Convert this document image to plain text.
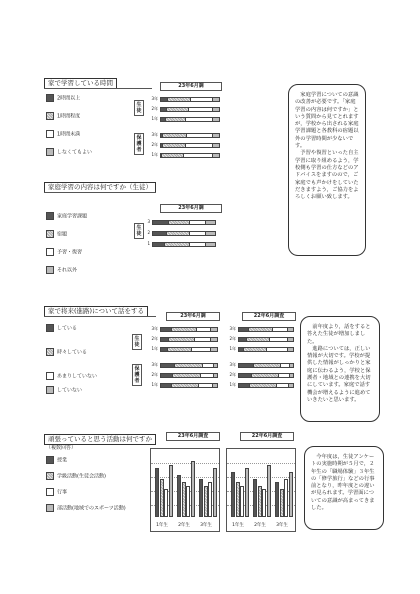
家で学習している時間
2時間以上
1時間程度
1時間未満
しなくてもよい
23年6月調
生徒
保護者
3年
2年
1年
3年
2年
1年
　家庭学習についての意識の改善が必要です。「家庭学習の内容は何ですか」という質問から見てとれますが，学校から出される家庭学習課題と各教科の宿題以外の学習時間が少ないです。
　予習や復習といった自主学習に取り組めるよう，学校側も学習の仕方などのアドバイスをますのので，ご家庭でも声かけをしていただきますよう，ご協力をよろしくお願い致します。
家庭学習の内容は何ですか（生徒）
家庭学習課題
宿題
予習・復習
それ以外
23年6月調
生徒
3
2
1
家で将来(進路)について話をする
している
時々している
あまりしていない
していない
23年6月調	22年6月調査
生徒
保護者
3年
2年
1年
3年
2年
1年
3年
2年
1年
3年
2年
1年
　前年度より，話をすると答えた生徒が増加しました。
　進路については，正しい情報が大切です。学校が提供した情報がしっかりと家庭に伝わるよう，学校と保護者・地域との連携を大切にしています。家庭で話す機会が増えるように進めていきたいと思います。
頑張っていると思う活動は何ですか
（複数回答）
授業
学級活動(生徒会活動)
行事
部活動(地域でのスポーツ活動)
23年6月調査	22年6月調査
1年生 2年生 3年生	1年生 2年生 3年生
　今年度は，生徒アンケートの実施時期が５月で，２年生の「職場体験」３年生の「修学旅行」などの行事前となり，昨年度との違いが見られます。学習面についての意識が高まってきました。
